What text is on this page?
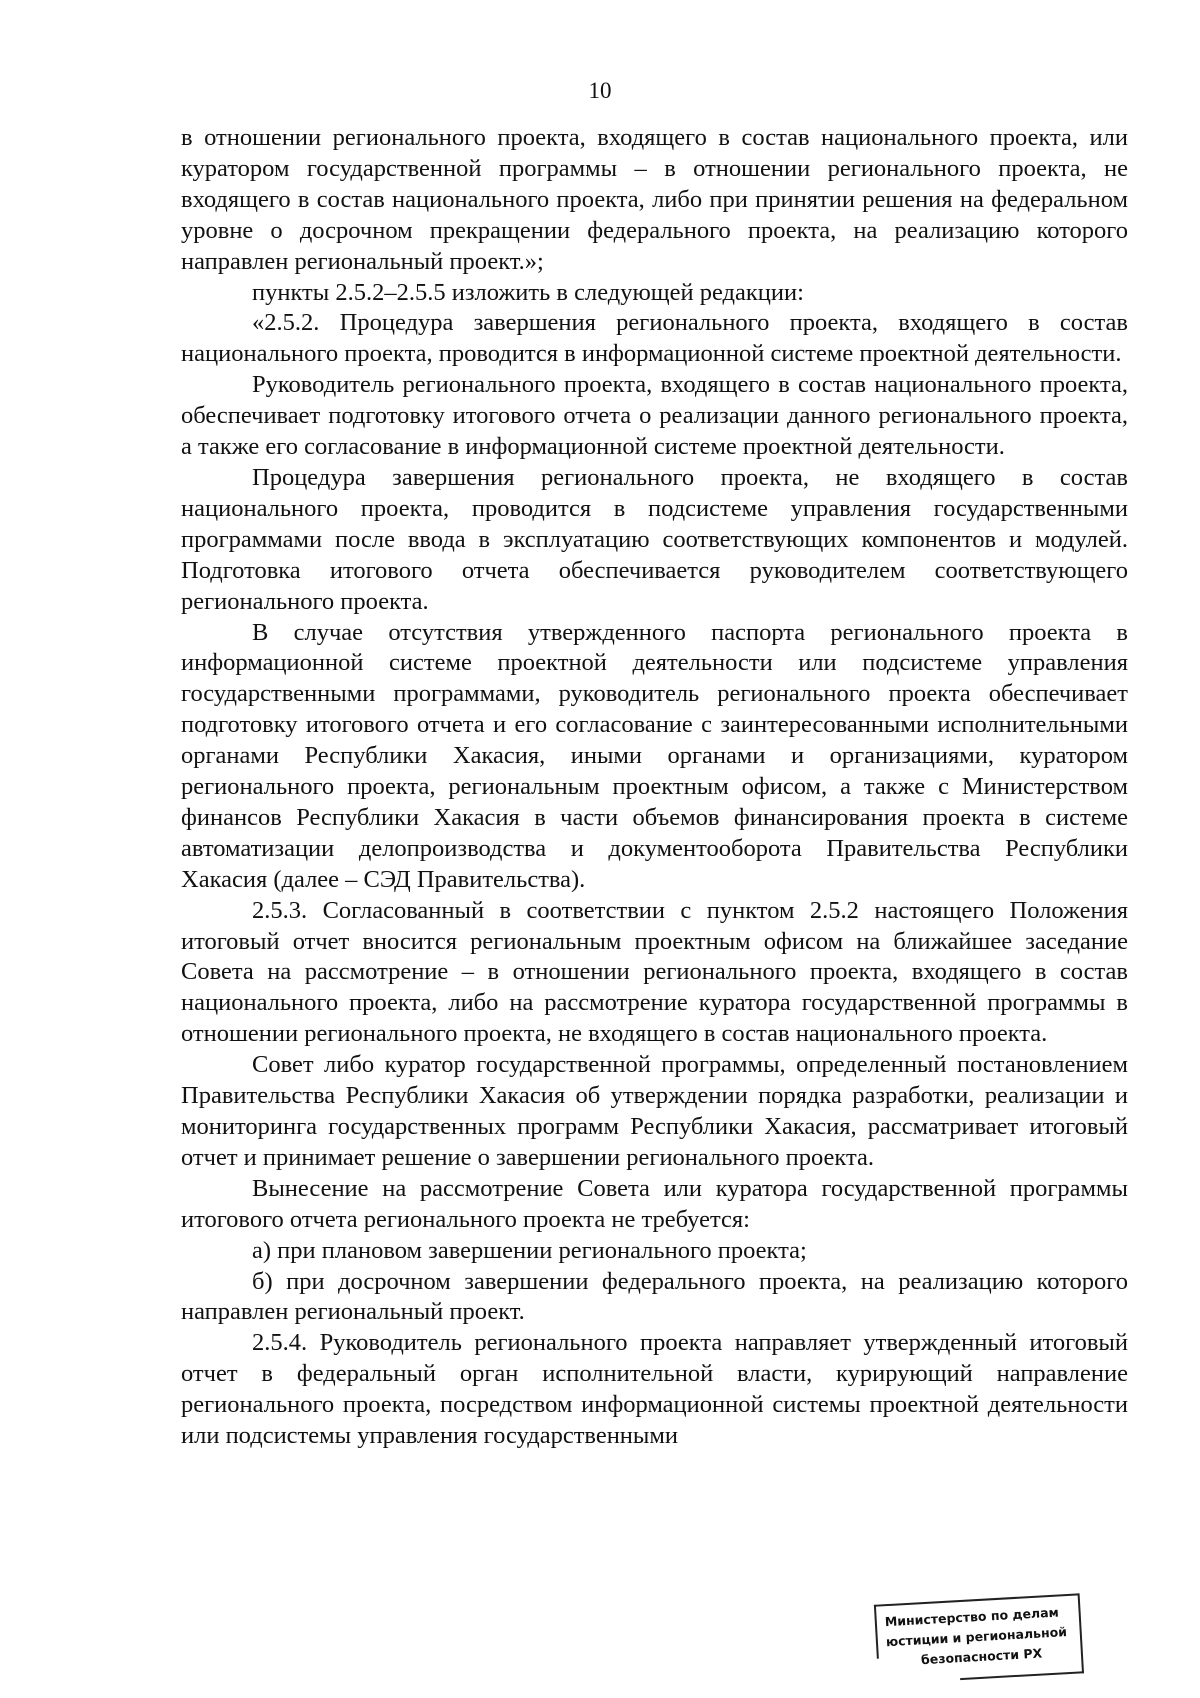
10

в отношении регионального проекта, входящего в состав национального проекта, или куратором государственной программы – в отношении регионального проекта, не входящего в состав национального проекта, либо при принятии решения на федеральном уровне о досрочном прекращении федерального проекта, на реализацию которого направлен региональный проект.»;

пункты 2.5.2–2.5.5 изложить в следующей редакции:

«2.5.2. Процедура завершения регионального проекта, входящего в состав национального проекта, проводится в информационной системе проектной деятельности.

Руководитель регионального проекта, входящего в состав национального проекта, обеспечивает подготовку итогового отчета о реализации данного регионального проекта, а также его согласование в информационной системе проектной деятельности.

Процедура завершения регионального проекта, не входящего в состав национального проекта, проводится в подсистеме управления государственными программами после ввода в эксплуатацию соответствующих компонентов и модулей. Подготовка итогового отчета обеспечивается руководителем соответствующего регионального проекта.

В случае отсутствия утвержденного паспорта регионального проекта в информационной системе проектной деятельности или подсистеме управления государственными программами, руководитель регионального проекта обеспечивает подготовку итогового отчета и его согласование с заинтересованными исполнительными органами Республики Хакасия, иными органами и организациями, куратором регионального проекта, региональным проектным офисом, а также с Министерством финансов Республики Хакасия в части объемов финансирования проекта в системе автоматизации делопроизводства и документооборота Правительства Республики Хакасия (далее – СЭД Правительства).

2.5.3. Согласованный в соответствии с пунктом 2.5.2 настоящего Положения итоговый отчет вносится региональным проектным офисом на ближайшее заседание Совета на рассмотрение – в отношении регионального проекта, входящего в состав национального проекта, либо на рассмотрение куратора государственной программы в отношении регионального проекта, не входящего в состав национального проекта.

Совет либо куратор государственной программы, определенный постановлением Правительства Республики Хакасия об утверждении порядка разработки, реализации и мониторинга государственных программ Республики Хакасия, рассматривает итоговый отчет и принимает решение о завершении регионального проекта.

Вынесение на рассмотрение Совета или куратора государственной программы итогового отчета регионального проекта не требуется:

а) при плановом завершении регионального проекта;

б) при досрочном завершении федерального проекта, на реализацию которого направлен региональный проект.

2.5.4. Руководитель регионального проекта направляет утвержденный итоговый отчет в федеральный орган исполнительной власти, курирующий направление регионального проекта, посредством информационной системы проектной деятельности или подсистемы управления государственными

Министерство по делам
юстиции и региональной
безопасности РХ
